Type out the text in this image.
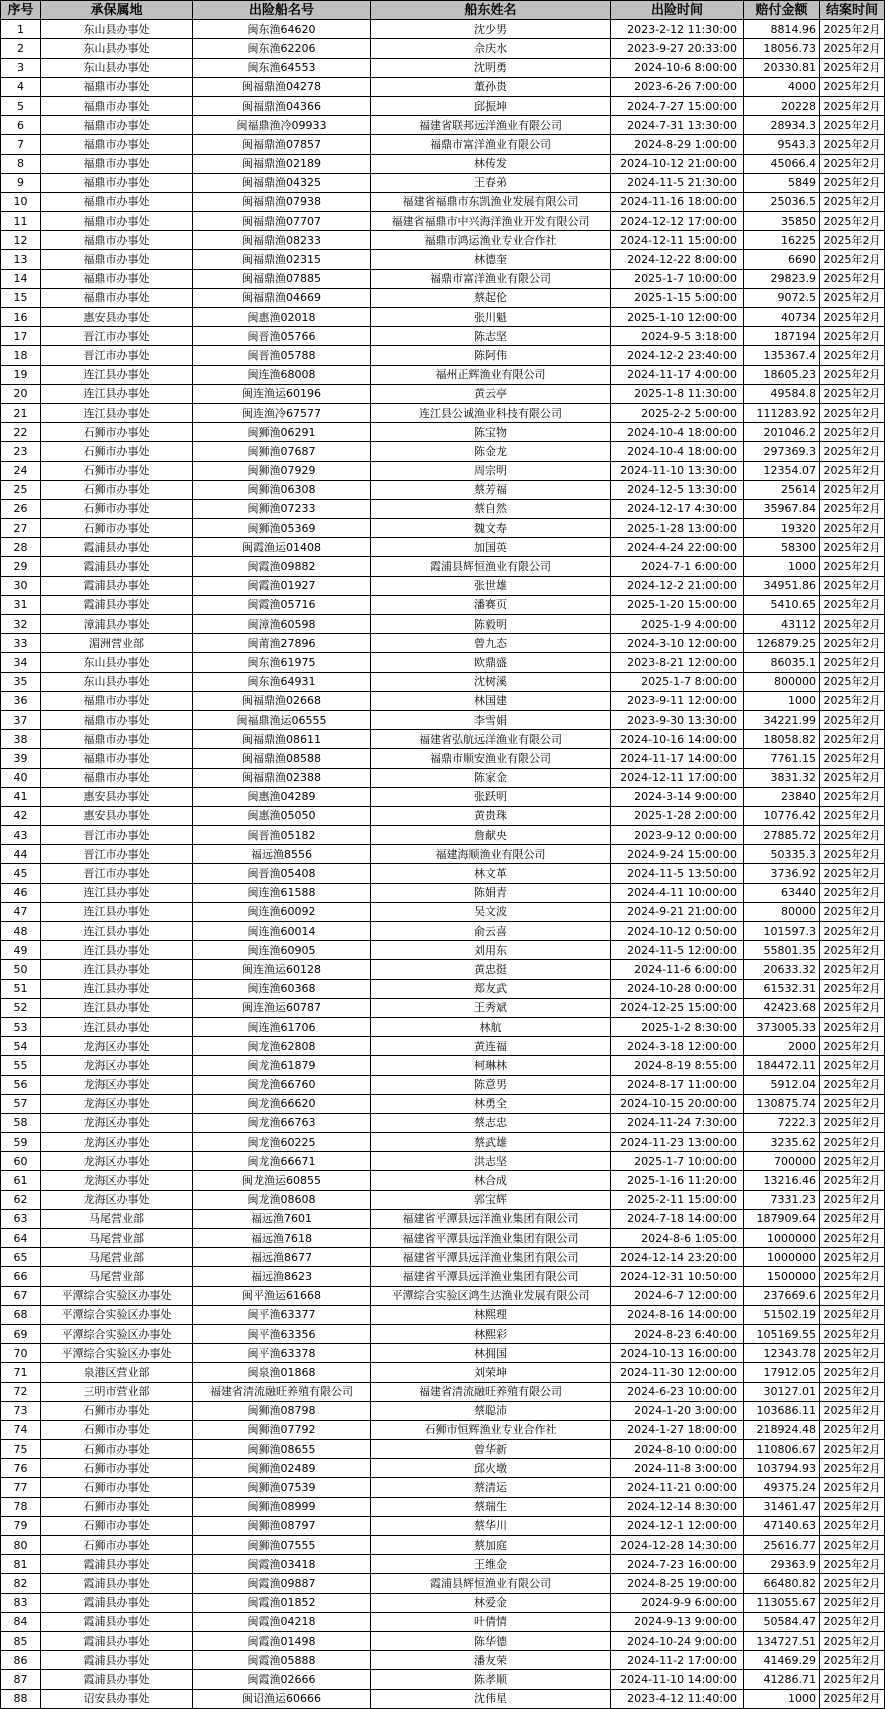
序号	承保属地	出险船名号	船东姓名	出险时间	赔付金额	结案时间
1	东山县办事处	闽东渔64620	沈少男	2023-2-12 11:30:00	8814.96	2025年2月
2	东山县办事处	闽东渔62206	佘庆水	2023-9-27 20:33:00	18056.73	2025年2月
3	东山县办事处	闽东渔64553	沈明勇	2024-10-6 8:00:00	20330.81	2025年2月
4	福鼎市办事处	闽福鼎渔04278	董孙贵	2023-6-26 7:00:00	4000	2025年2月
5	福鼎市办事处	闽福鼎渔04366	邱振坤	2024-7-27 15:00:00	20228	2025年2月
6	福鼎市办事处	闽福鼎渔冷09933	福建省联邦远洋渔业有限公司	2024-7-31 13:30:00	28934.3	2025年2月
7	福鼎市办事处	闽福鼎渔07857	福鼎市富洋渔业有限公司	2024-8-29 1:00:00	9543.3	2025年2月
8	福鼎市办事处	闽福鼎渔02189	林传发	2024-10-12 21:00:00	45066.4	2025年2月
9	福鼎市办事处	闽福鼎渔04325	王春弟	2024-11-5 21:30:00	5849	2025年2月
10	福鼎市办事处	闽福鼎渔07938	福建省福鼎市东凯渔业发展有限公司	2024-11-16 18:00:00	25036.5	2025年2月
11	福鼎市办事处	闽福鼎渔07707	福建省福鼎市中兴海洋渔业开发有限公司	2024-12-12 17:00:00	35850	2025年2月
12	福鼎市办事处	闽福鼎渔08233	福鼎市鸿运渔业专业合作社	2024-12-11 15:00:00	16225	2025年2月
13	福鼎市办事处	闽福鼎渔02315	林德奎	2024-12-22 8:00:00	6690	2025年2月
14	福鼎市办事处	闽福鼎渔07885	福鼎市富洋渔业有限公司	2025-1-7 10:00:00	29823.9	2025年2月
15	福鼎市办事处	闽福鼎渔04669	蔡起伦	2025-1-15 5:00:00	9072.5	2025年2月
16	惠安县办事处	闽惠渔02018	张川魁	2025-1-10 12:00:00	40734	2025年2月
17	晋江市办事处	闽晋渔05766	陈志坚	2024-9-5 3:18:00	187194	2025年2月
18	晋江市办事处	闽晋渔05788	陈阿伟	2024-12-2 23:40:00	135367.4	2025年2月
19	连江县办事处	闽连渔68008	福州正辉渔业有限公司	2024-11-17 4:00:00	18605.23	2025年2月
20	连江县办事处	闽连渔运60196	黄云亭	2025-1-8 11:30:00	49584.8	2025年2月
21	连江县办事处	闽连渔冷67577	连江县公诚渔业科技有限公司	2025-2-2 5:00:00	111283.92	2025年2月
22	石狮市办事处	闽狮渔06291	陈宝物	2024-10-4 18:00:00	201046.2	2025年2月
23	石狮市办事处	闽狮渔07687	陈金龙	2024-10-4 18:00:00	297369.3	2025年2月
24	石狮市办事处	闽狮渔07929	周宗明	2024-11-10 13:30:00	12354.07	2025年2月
25	石狮市办事处	闽狮渔06308	蔡芳福	2024-12-5 13:30:00	25614	2025年2月
26	石狮市办事处	闽狮渔07233	蔡自然	2024-12-17 4:30:00	35967.84	2025年2月
27	石狮市办事处	闽狮渔05369	魏文寿	2025-1-28 13:00:00	19320	2025年2月
28	霞浦县办事处	闽霞渔运01408	加国英	2024-4-24 22:00:00	58300	2025年2月
29	霞浦县办事处	闽霞渔09882	霞浦县辉恒渔业有限公司	2024-7-1 6:00:00	1000	2025年2月
30	霞浦县办事处	闽霞渔01927	张世雄	2024-12-2 21:00:00	34951.86	2025年2月
31	霞浦县办事处	闽霞渔05716	潘赛页	2025-1-20 15:00:00	5410.65	2025年2月
32	漳浦县办事处	闽漳渔60598	陈毅明	2025-1-9 4:00:00	43112	2025年2月
33	湄洲营业部	闽莆渔27896	曾九态	2024-3-10 12:00:00	126879.25	2025年2月
34	东山县办事处	闽东渔61975	欧鼎盛	2023-8-21 12:00:00	86035.1	2025年2月
35	东山县办事处	闽东渔64931	沈树溪	2025-1-7 8:00:00	800000	2025年2月
36	福鼎市办事处	闽福鼎渔02668	林国建	2023-9-11 12:00:00	1000	2025年2月
37	福鼎市办事处	闽福鼎渔运06555	李雪娟	2023-9-30 13:30:00	34221.99	2025年2月
38	福鼎市办事处	闽福鼎渔08611	福建省弘航远洋渔业有限公司	2024-10-16 14:00:00	18058.82	2025年2月
39	福鼎市办事处	闽福鼎渔08588	福鼎市顺安渔业有限公司	2024-11-17 14:00:00	7761.15	2025年2月
40	福鼎市办事处	闽福鼎渔02388	陈家金	2024-12-11 17:00:00	3831.32	2025年2月
41	惠安县办事处	闽惠渔04289	张跃明	2024-3-14 9:00:00	23840	2025年2月
42	惠安县办事处	闽惠渔05050	黄贵珠	2025-1-28 2:00:00	10776.42	2025年2月
43	晋江市办事处	闽晋渔05182	詹献央	2023-9-12 0:00:00	27885.72	2025年2月
44	晋江市办事处	福远渔8556	福建海顺渔业有限公司	2024-9-24 15:00:00	50335.3	2025年2月
45	晋江市办事处	闽晋渔05408	林文革	2024-11-5 13:50:00	3736.92	2025年2月
46	连江县办事处	闽连渔61588	陈娟青	2024-4-11 10:00:00	63440	2025年2月
47	连江县办事处	闽连渔60092	吴文波	2024-9-21 21:00:00	80000	2025年2月
48	连江县办事处	闽连渔60014	俞云喜	2024-10-12 0:50:00	101597.3	2025年2月
49	连江县办事处	闽连渔60905	刘用东	2024-11-5 12:00:00	55801.35	2025年2月
50	连江县办事处	闽连渔运60128	黄忠挺	2024-11-6 6:00:00	20633.32	2025年2月
51	连江县办事处	闽连渔60368	郑友武	2024-10-28 0:00:00	61532.31	2025年2月
52	连江县办事处	闽连渔运60787	王秀斌	2024-12-25 15:00:00	42423.68	2025年2月
53	连江县办事处	闽连渔61706	林航	2025-1-2 8:30:00	373005.33	2025年2月
54	龙海区办事处	闽龙渔62808	黄连福	2024-3-18 12:00:00	2000	2025年2月
55	龙海区办事处	闽龙渔61879	柯琳林	2024-8-19 8:55:00	184472.11	2025年2月
56	龙海区办事处	闽龙渔66760	陈意男	2024-8-17 11:00:00	5912.04	2025年2月
57	龙海区办事处	闽龙渔66620	林勇全	2024-10-15 20:00:00	130875.74	2025年2月
58	龙海区办事处	闽龙渔66763	蔡志忠	2024-11-24 7:30:00	7222.3	2025年2月
59	龙海区办事处	闽龙渔60225	蔡武雄	2024-11-23 13:00:00	3235.62	2025年2月
60	龙海区办事处	闽龙渔66671	洪志坚	2025-1-7 10:00:00	700000	2025年2月
61	龙海区办事处	闽龙渔运60855	林合成	2025-1-16 11:20:00	13216.46	2025年2月
62	龙海区办事处	闽龙渔08608	郭宝辉	2025-2-11 15:00:00	7331.23	2025年2月
63	马尾营业部	福远渔7601	福建省平潭县远洋渔业集团有限公司	2024-7-18 14:00:00	187909.64	2025年2月
64	马尾营业部	福远渔7618	福建省平潭县远洋渔业集团有限公司	2024-8-6 1:05:00	1000000	2025年2月
65	马尾营业部	福远渔8677	福建省平潭县远洋渔业集团有限公司	2024-12-14 23:20:00	1000000	2025年2月
66	马尾营业部	福远渔8623	福建省平潭县远洋渔业集团有限公司	2024-12-31 10:50:00	1500000	2025年2月
67	平潭综合实验区办事处	闽平渔运61668	平潭综合实验区鸿生达渔业发展有限公司	2024-6-7 12:00:00	237669.6	2025年2月
68	平潭综合实验区办事处	闽平渔63377	林熙理	2024-8-16 14:00:00	51502.19	2025年2月
69	平潭综合实验区办事处	闽平渔63356	林熙彩	2024-8-23 6:40:00	105169.55	2025年2月
70	平潭综合实验区办事处	闽平渔63378	林拥国	2024-10-13 16:00:00	12343.78	2025年2月
71	泉港区营业部	闽泉渔01868	刘荣坤	2024-11-30 12:00:00	17912.05	2025年2月
72	三明市营业部	福建省清流融旺养殖有限公司	福建省清流融旺养殖有限公司	2024-6-23 10:00:00	30127.01	2025年2月
73	石狮市办事处	闽狮渔08798	蔡聪沛	2024-1-20 3:00:00	103686.11	2025年2月
74	石狮市办事处	闽狮渔07792	石狮市恒辉渔业专业合作社	2024-1-27 18:00:00	218924.48	2025年2月
75	石狮市办事处	闽狮渔08655	曾华新	2024-8-10 0:00:00	110806.67	2025年2月
76	石狮市办事处	闽狮渔02489	邱火墩	2024-11-8 3:00:00	103794.93	2025年2月
77	石狮市办事处	闽狮渔07539	蔡清运	2024-11-21 0:00:00	49375.24	2025年2月
78	石狮市办事处	闽狮渔08999	蔡瑞生	2024-12-14 8:30:00	31461.47	2025年2月
79	石狮市办事处	闽狮渔08797	蔡华川	2024-12-1 12:00:00	47140.63	2025年2月
80	石狮市办事处	闽狮渔07555	蔡加庭	2024-12-28 14:30:00	25616.77	2025年2月
81	霞浦县办事处	闽霞渔03418	王维金	2024-7-23 16:00:00	29363.9	2025年2月
82	霞浦县办事处	闽霞渔09887	霞浦县辉恒渔业有限公司	2024-8-25 19:00:00	66480.82	2025年2月
83	霞浦县办事处	闽霞渔01852	林爱金	2024-9-9 6:00:00	113055.67	2025年2月
84	霞浦县办事处	闽霞渔04218	叶倩情	2024-9-13 9:00:00	50584.47	2025年2月
85	霞浦县办事处	闽霞渔01498	陈华德	2024-10-24 9:00:00	134727.51	2025年2月
86	霞浦县办事处	闽霞渔05888	潘友荣	2024-11-2 17:00:00	41469.29	2025年2月
87	霞浦县办事处	闽霞渔02666	陈孝顺	2024-11-10 14:00:00	41286.71	2025年2月
88	诏安县办事处	闽诏渔运60666	沈伟星	2023-4-12 11:40:00	1000	2025年2月
